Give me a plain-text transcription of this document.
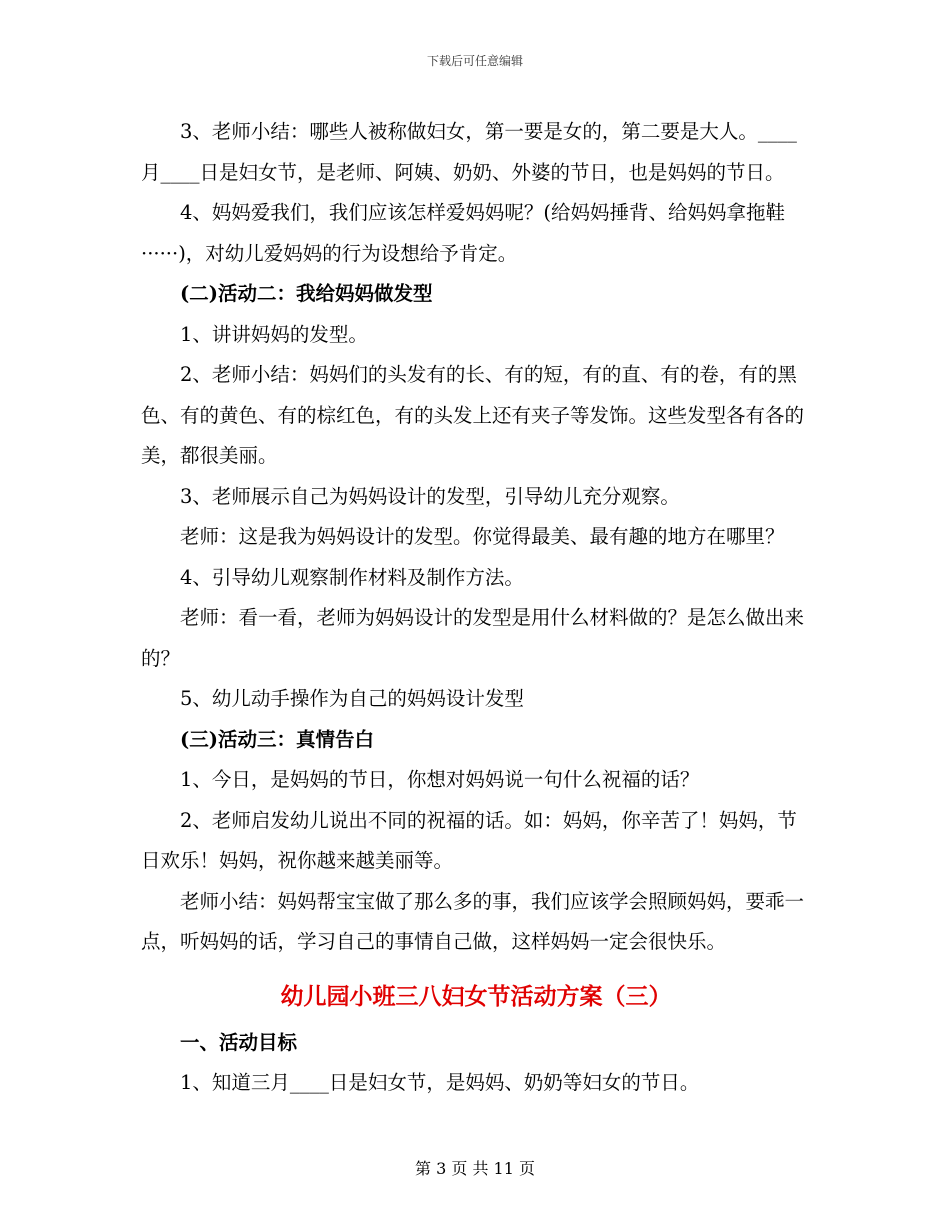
下载后可任意编辑

3、老师小结：哪些人被称做妇女，第一要是女的，第二要是大人。____月____日是妇女节，是老师、阿姨、奶奶、外婆的节日，也是妈妈的节日。

4、妈妈爱我们，我们应该怎样爱妈妈呢？(给妈妈捶背、给妈妈拿拖鞋······)，对幼儿爱妈妈的行为设想给予肯定。

(二)活动二：我给妈妈做发型

1、讲讲妈妈的发型。

2、老师小结：妈妈们的头发有的长、有的短，有的直、有的卷，有的黑色、有的黄色、有的棕红色，有的头发上还有夹子等发饰。这些发型各有各的美，都很美丽。

3、老师展示自己为妈妈设计的发型，引导幼儿充分观察。

老师：这是我为妈妈设计的发型。你觉得最美、最有趣的地方在哪里？

4、引导幼儿观察制作材料及制作方法。

老师：看一看，老师为妈妈设计的发型是用什么材料做的？是怎么做出来的？

5、幼儿动手操作为自己的妈妈设计发型

(三)活动三：真情告白

1、今日，是妈妈的节日，你想对妈妈说一句什么祝福的话？

2、老师启发幼儿说出不同的祝福的话。如：妈妈，你辛苦了！妈妈，节日欢乐！妈妈，祝你越来越美丽等。

老师小结：妈妈帮宝宝做了那么多的事，我们应该学会照顾妈妈，要乖一点，听妈妈的话，学习自己的事情自己做，这样妈妈一定会很快乐。

幼儿园小班三八妇女节活动方案（三）

一、活动目标

1、知道三月____日是妇女节，是妈妈、奶奶等妇女的节日。

第 3 页 共 11 页
